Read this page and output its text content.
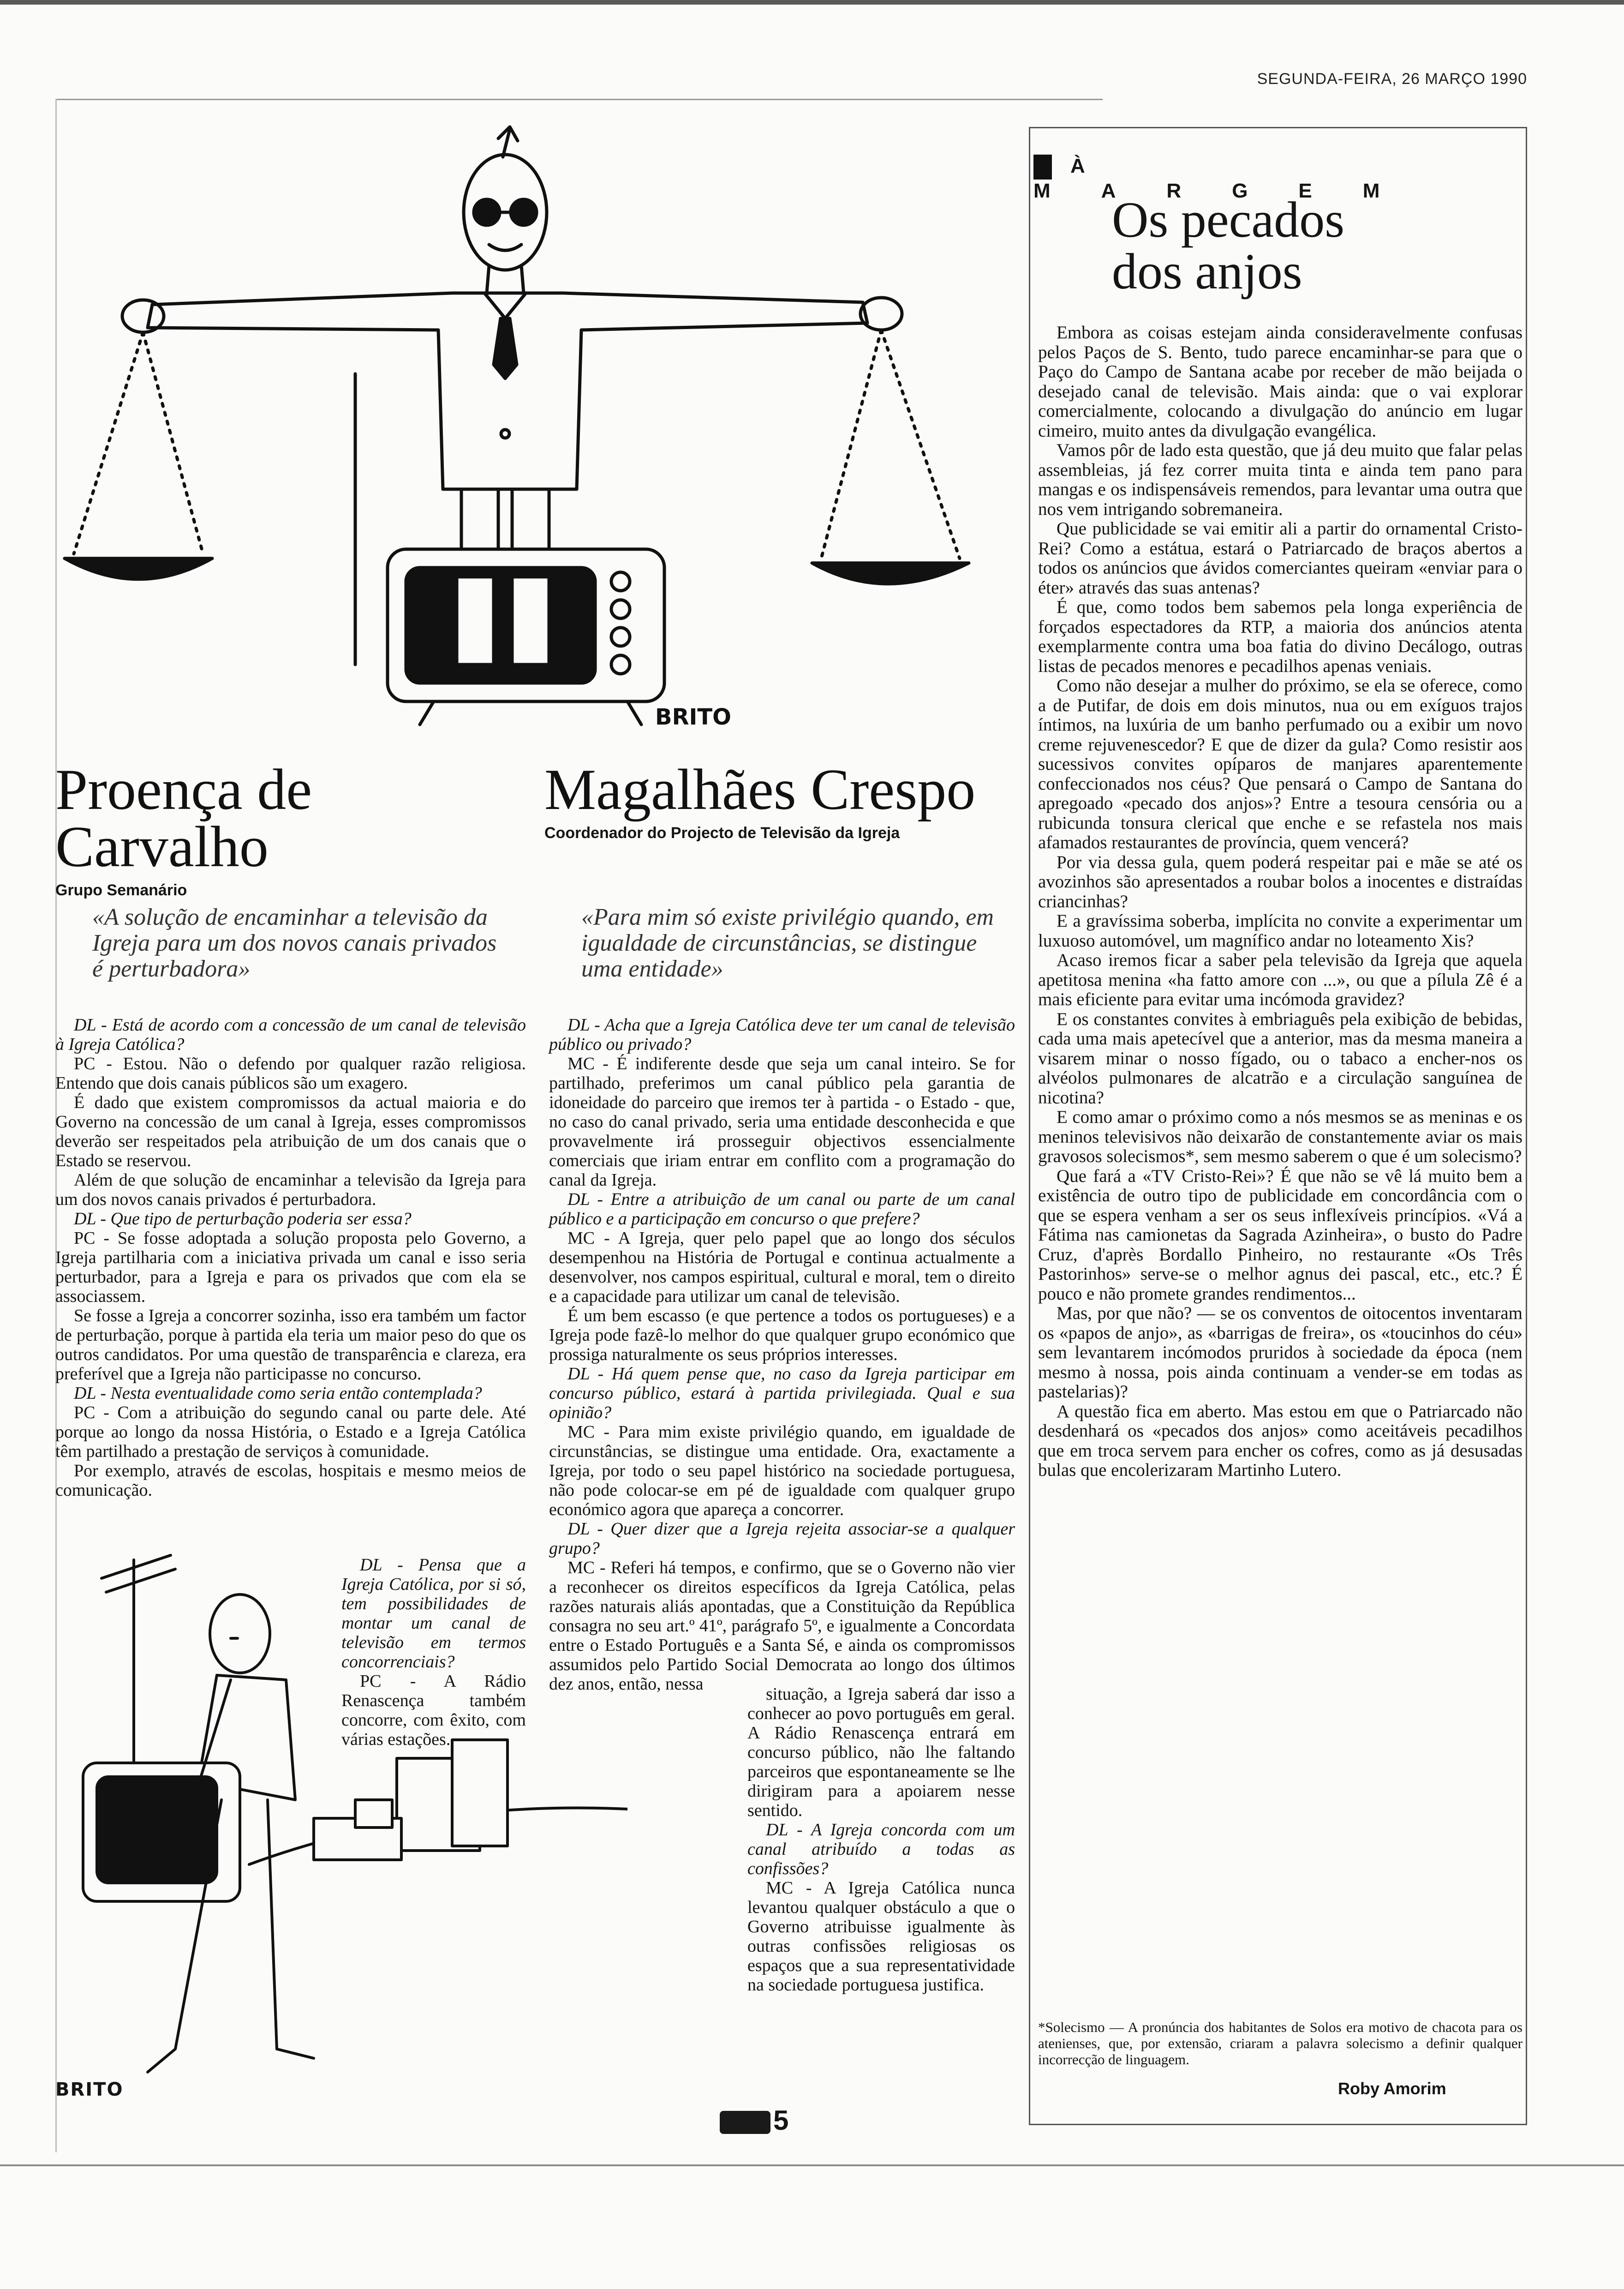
SEGUNDA-FEIRA, 26 MARÇO 1990
BRITO
Proença de Carvalho
Grupo Semanário
«A solução de encaminhar a televisão da Igreja para um dos novos canais privados é perturbadora»

DL - Está de acordo com a concessão de um canal de televisão à Igreja Católica?

PC - Estou. Não o defendo por qualquer razão religiosa. Entendo que dois canais públicos são um exagero.

É dado que existem compromissos da actual maioria e do Governo na concessão de um canal à Igreja, esses compromissos deverão ser respeitados pela atribuição de um dos canais que o Estado se reservou.

Além de que solução de encaminhar a televisão da Igreja para um dos novos canais privados é perturbadora.

DL - Que tipo de perturbação poderia ser essa?

PC - Se fosse adoptada a solução proposta pelo Governo, a Igreja partilharia com a iniciativa privada um canal e isso seria perturbador, para a Igreja e para os privados que com ela se associassem.

Se fosse a Igreja a concorrer sozinha, isso era também um factor de perturbação, porque à partida ela teria um maior peso do que os outros candidatos. Por uma questão de transparência e clareza, era preferível que a Igreja não participasse no concurso.

DL - Nesta eventualidade como seria então contemplada?

PC - Com a atribuição do segundo canal ou parte dele. Até porque ao longo da nossa História, o Estado e a Igreja Católica têm partilhado a prestação de serviços à comunidade.

Por exemplo, através de escolas, hospitais e mesmo meios de comunicação.

DL - Pensa que a Igreja Católica, por si só, tem possibilidades de montar um canal de televisão em termos concorrenciais?

PC - A Rádio Renascença também concorre, com êxito, com várias estações.

Magalhães Crespo
Coordenador do Projecto de Televisão da Igreja
«Para mim só existe privilégio quando, em igualdade de circunstâncias, se distingue uma entidade»

DL - Acha que a Igreja Católica deve ter um canal de televisão público ou privado?

MC - É indiferente desde que seja um canal inteiro. Se for partilhado, preferimos um canal público pela garantia de idoneidade do parceiro que iremos ter à partida - o Estado - que, no caso do canal privado, seria uma entidade desconhecida e que provavelmente irá prosseguir objectivos essencialmente comerciais que iriam entrar em conflito com a programação do canal da Igreja.

DL - Entre a atribuição de um canal ou parte de um canal público e a participação em concurso o que prefere?

MC - A Igreja, quer pelo papel que ao longo dos séculos desempenhou na História de Portugal e continua actualmente a desenvolver, nos campos espiritual, cultural e moral, tem o direito e a capacidade para utilizar um canal de televisão.

É um bem escasso (e que pertence a todos os portugueses) e a Igreja pode fazê-lo melhor do que qualquer grupo económico que prossiga naturalmente os seus próprios interesses.

DL - Há quem pense que, no caso da Igreja participar em concurso público, estará à partida privilegiada. Qual e sua opinião?

MC - Para mim existe privilégio quando, em igualdade de circunstâncias, se distingue uma entidade. Ora, exactamente a Igreja, por todo o seu papel histórico na sociedade portuguesa, não pode colocar-se em pé de igualdade com qualquer grupo económico agora que apareça a concorrer.

DL - Quer dizer que a Igreja rejeita associar-se a qualquer grupo?

MC - Referi há tempos, e confirmo, que se o Governo não vier a reconhecer os direitos específicos da Igreja Católica, pelas razões naturais aliás apontadas, que a Constituição da República consagra no seu art.º 41º, parágrafo 5º, e igualmente a Concordata entre o Estado Português e a Santa Sé, e ainda os compromissos assumidos pelo Partido Social Democrata ao longo dos últimos dez anos, então, nessa

situação, a Igreja saberá dar isso a conhecer ao povo português em geral. A Rádio Renascença entrará em concurso público, não lhe faltando parceiros que espontaneamente se lhe dirigiram para a apoiarem nesse sentido.

DL - A Igreja concorda com um canal atribuído a todas as confissões?

MC - A Igreja Católica nunca levantou qualquer obstáculo a que o Governo atribuisse igualmente às outras confissões religiosas os espaços que a sua representatividade na sociedade portuguesa justifica.

BRITO
À MARGEM
Os pecados dos anjos

Embora as coisas estejam ainda consideravelmente confusas pelos Paços de S. Bento, tudo parece encaminhar-se para que o Paço do Campo de Santana acabe por receber de mão beijada o desejado canal de televisão. Mais ainda: que o vai explorar comercialmente, colocando a divulgação do anúncio em lugar cimeiro, muito antes da divulgação evangélica.

Vamos pôr de lado esta questão, que já deu muito que falar pelas assembleias, já fez correr muita tinta e ainda tem pano para mangas e os indispensáveis remendos, para levantar uma outra que nos vem intrigando sobremaneira.

Que publicidade se vai emitir ali a partir do ornamental Cristo-Rei? Como a estátua, estará o Patriarcado de braços abertos a todos os anúncios que ávidos comerciantes queiram «enviar para o éter» através das suas antenas?

É que, como todos bem sabemos pela longa experiência de forçados espectadores da RTP, a maioria dos anúncios atenta exemplarmente contra uma boa fatia do divino Decálogo, outras listas de pecados menores e pecadilhos apenas veniais.

Como não desejar a mulher do próximo, se ela se oferece, como a de Putifar, de dois em dois minutos, nua ou em exíguos trajos íntimos, na luxúria de um banho perfumado ou a exibir um novo creme rejuvenescedor? E que de dizer da gula? Como resistir aos sucessivos convites opíparos de manjares aparentemente confeccionados nos céus? Que pensará o Campo de Santana do apregoado «pecado dos anjos»? Entre a tesoura censória ou a rubicunda tonsura clerical que enche e se refastela nos mais afamados restaurantes de província, quem vencerá?

Por via dessa gula, quem poderá respeitar pai e mãe se até os avozinhos são apresentados a roubar bolos a inocentes e distraídas criancinhas?

E a gravíssima soberba, implícita no convite a experimentar um luxuoso automóvel, um magnífico andar no loteamento Xis?

Acaso iremos ficar a saber pela televisão da Igreja que aquela apetitosa menina «ha fatto amore con ...», ou que a pílula Zê é a mais eficiente para evitar uma incómoda gravidez?

E os constantes convites à embriaguês pela exibição de bebidas, cada uma mais apetecível que a anterior, mas da mesma maneira a visarem minar o nosso fígado, ou o tabaco a encher-nos os alvéolos pulmonares de alcatrão e a circulação sanguínea de nicotina?

E como amar o próximo como a nós mesmos se as meninas e os meninos televisivos não deixarão de constantemente aviar os mais gravosos solecismos*, sem mesmo saberem o que é um solecismo?

Que fará a «TV Cristo-Rei»? É que não se vê lá muito bem a existência de outro tipo de publicidade em concordância com o que se espera venham a ser os seus inflexíveis princípios. «Vá a Fátima nas camionetas da Sagrada Azinheira», o busto do Padre Cruz, d'après Bordallo Pinheiro, no restaurante «Os Três Pastorinhos» serve-se o melhor agnus dei pascal, etc., etc.? É pouco e não promete grandes rendimentos...

Mas, por que não? — se os conventos de oitocentos inventaram os «papos de anjo», as «barrigas de freira», os «toucinhos do céu» sem levantarem incómodos pruridos à sociedade da época (nem mesmo à nossa, pois ainda continuam a vender-se em todas as pastelarias)?

A questão fica em aberto. Mas estou em que o Patriarcado não desdenhará os «pecados dos anjos» como aceitáveis pecadilhos que em troca servem para encher os cofres, como as já desusadas bulas que encolerizaram Martinho Lutero.

*Solecismo — A pronúncia dos habitantes de Solos era motivo de chacota para os atenienses, que, por extensão, criaram a palavra solecismo a definir qualquer incorrecção de linguagem.
Roby Amorim
5
